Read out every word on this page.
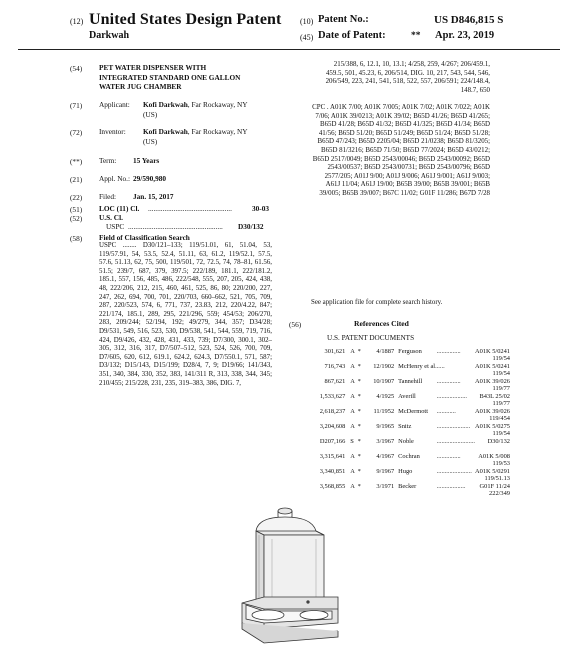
(12) United States Design Patent
Darkwah
(10) Patent No.:	US D846,815 S
(45) Date of Patent:	** Apr. 23, 2019
(54) PET WATER DISPENSER WITH
INTEGRATED STANDARD ONE GALLON
WATER JUG CHAMBER
(71) Applicant: Kofi Darkwah, Far Rockaway, NY
(US)
(72) Inventor: Kofi Darkwah, Far Rockaway, NY
(US)
(**) Term: 15 Years
(21) Appl. No.: 29/590,980
(22) Filed: Jan. 15, 2017
(51) LOC (11) Cl. ..............................................	30-03
(52) U.S. Cl.
USPC ....................................................	D30/132
(58) Field of Classification Search
USPC ........ D30/121–133; 119/51.01, 61, 51.04, 53, 119/57.91, 54, 53.5, 52.4, 51.11, 63, 61.2, 119/52.1, 57.5, 57.6, 51.13, 62, 75, 500, 119/501, 72, 72.5, 74, 78–81, 61.56, 51.5; 239/7, 687, 379, 397.5; 222/189, 181.1, 222/181.2, 185.1, 557, 156, 485, 486, 222/548, 555, 207, 205, 424, 438, 48, 222/206, 212, 215, 460, 461, 525, 86, 80; 220/200, 227, 247, 262, 694, 700, 701, 220/703, 660–662, 521, 705, 709, 287, 220/523, 574, 6, 771, 737, 23.83, 212, 220/4.22, 847; 221/174, 185.1, 289, 295, 221/296, 559; 454/53; 206/270, 283, 209/244; 52/194, 192; 49/279, 344, 357; D34/28; D9/531, 549, 516, 523, 530, D9/538, 541, 544, 559, 719, 716, 424, D9/426, 432, 428, 431, 433, 739; D7/300, 300.1, 302–305, 312, 316, 317, D7/507–512, 523, 524, 526, 700, 709, D7/605, 620, 612, 619.1, 624.2, 624.3, D7/550.1, 571, 587; D3/132; D15/143, D15/199; D28/4, 7, 9; D19/66; 141/343, 351, 340, 384, 330, 352, 383, 141/311 R, 313, 338, 344, 345; 210/455; 215/228, 231, 235, 319–383, 386, DIG. 7,
215/388, 6, 12.1, 10, 13.1; 4/258, 259, 4/267; 206/459.1, 459.5, 501, 45.23, 6, 206/514, DIG. 10, 217, 543, 544, 546, 206/549, 223, 241, 541, 518, 522, 557, 206/591; 224/148.4, 148.7, 650
CPC . A01K 7/00; A01K 7/005; A01K 7/02; A01K 7/022; A01K 7/06; A01K 39/0213; A01K 39/02; B65D 41/26; B65D 41/265; B65D 41/28; B65D 41/32; B65D 41/325; B65D 41/34; B65D 41/56; B65D 51/20; B65D 51/249; B65D 51/24; B65D 51/28; B65D 47/243; B65D 2205/04; B65D 21/0238; B65D 81/3205; B65D 81/3216; B65D 71/50; B65D 77/2024; B65D 43/0212; B65D 2517/0049; B65D 2543/00046; B65D 2543/00092; B65D 2543/00537; B65D 2543/00731; B65D 2543/00796; B65D 2577/205; A01J 9/00; A01J 9/006; A61J 9/001; A61J 9/003; A61J 11/04; A61J 19/00; B65B 39/00; B65B 39/001; B65B 39/005; B65B 39/007; B67C 11/02; G01F 11/286; B67D 7/28
See application file for complete search history.
(56)	References Cited
U.S. PATENT DOCUMENTS
301,621	A	*	4/1887	Ferguson	...............	A01K 5/0241
119/54						
716,743	A	*	12/1902	McHenry et al.	.....	A01K 5/0241
119/54						
867,621	A	*	10/1907	Tannehill	...............	A01K 39/026
119/77						
1,533,627	A	*	4/1925	Averill	...................	B43L 25/02
119/77						
2,618,237	A	*	11/1952	McDermott	............	A01K 39/026
119/454						
3,204,608	A	*	9/1965	Snitz	.....................	A01K 5/0275
119/54						
D207,166	S	*	3/1967	Noble	........................	D30/132

3,315,641	A	*	4/1967	Cochran	...............	A01K 5/008
119/53						
3,340,851	A	*	9/1967	Hugo	......................	A01K 5/0291
119/51.13						
3,568,855	A	*	3/1971	Becker	..................	G01F 11/24
222/349						
